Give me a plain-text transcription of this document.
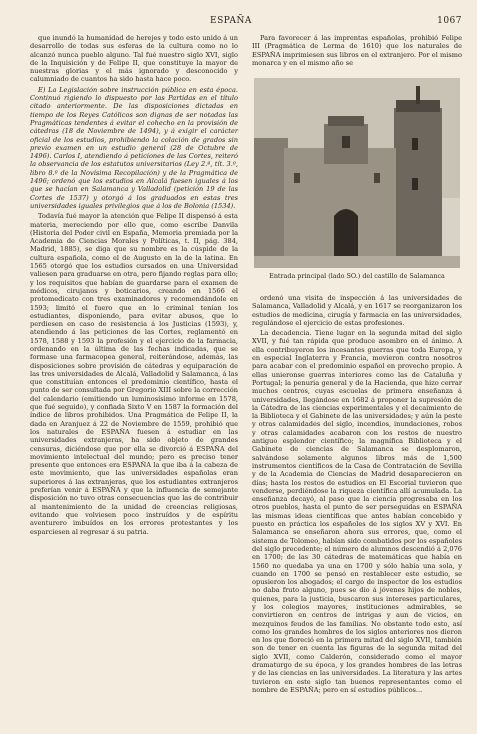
ESPAÑA	1067

que inundó la humanidad de herejes y todo esto unido á un desarrollo de todas sus esferas de la cultura como no lo alcanzó nunca pueblo alguno. Tal fué nuestro siglo XVI, siglo de la Inquisición y de Felipe II, que constituye la mayor de nuestras glorias y el más ignorado y desconocido y calumniado de cuantos ha sido hasta hace poco.

E) La Legislación sobre instrucción pública en esta época. Continuó rigiendo lo dispuesto por las Partidas en el título citado anteriormente. De las disposiciones dictadas en tiempo de los Reyes Católicos son dignas de ser notadas las Pragmáticas tendentes á evitar el cohecho en la provisión de cátedras (18 de Noviembre de 1494), y á exigir el carácter oficial de los estudios, prohibiendo la colación de grados sin previo examen en un estudio general (28 de Octubre de 1496). Carlos I, atendiendo á peticiones de las Cortes, reiteró la observancia de los estatutos universitarios (Ley 2.ª, tít. 3.º, libro 8.º de la Novísima Recopilación) y de la Pragmática de 1496; ordenó que los estudios en Alcalá fuesen iguales á los que se hacían en Salamanca y Valladolid (petición 19 de las Cortes de 1537) y otorgó á los graduados en estas tres universidades iguales privilegios que á los de Bolonia (1534).

Todavía fué mayor la atención que Felipe II dispensó á esta materia, mereciendo por ello que, como escribe Danvila (Historia del Poder civil en España, Memoria premiada por la Academia de Ciencias Morales y Políticas, t. II, pág. 384, Madrid, 1885), se diga que su nombre es la cúspide de la cultura española, como el de Augusto en la de la latina. En 1565 otorgó que los estudios cursados en una Universidad valiesen para graduarse en otra, pero fijando reglas para ello; y los requisitos que habían de guardarse para el examen de médicos, cirujanos y boticarios, creando en 1566 el protomedicato con tres examinadores y recomendándole en 1593; limitó el fuero que en lo criminal tenían los estudiantes, disponiendo, para evitar abusos, que lo perdiesen en caso de resistencia á los Justicias (1593), y, atendiendo á las peticiones de las Cortes, reglamentó en 1578, 1588 y 1593 la profesión y el ejercicio de la farmacia, ordenando en la última de las fechas indicadas, que se formase una farmacopea general, reiterándose, además, las disposiciones sobre provisión de cátedras y equiparación de las tres universidades de Alcalá, Valladolid y Salamanca, á las que constituían entonces el predominio científico, hasta el punto de ser consultada por Gregorio XIII sobre la corrección del calendario (emitiendo un luminosísimo informe en 1578, que fué seguido), y confiada Sixto V en 1587 la formación del índice de libros prohibidos. Una Pragmática de Felipe II, la dada en Aranjuez á 22 de Noviembre de 1559, prohibió que los naturales de ESPAÑA fuesen á estudiar en las universidades extranjeras, ha sido objeto de grandes censuras, diciéndose que por ella se divorció á ESPAÑA del movimiento intelectual del mundo; pero es preciso tener presente que entonces era ESPAÑA la que iba á la cabeza de este movimiento, que las universidades españolas eran superiores á las extranjeras, que los estudiantes extranjeros preferían venir á ESPAÑA y que la influencia de semejante disposición no tuvo otras consecuencias que las de contribuir al mantenimiento de la unidad de creencias religiosas, evitando que volviesen poco instruídos y de espíritu aventurero imbuídos en los errores protestantes y los esparciesen al regresar á su patria.

Para favorecer á las imprentas españolas, prohibió Felipe III (Pragmática de Lerma de 1610) que los naturales de ESPAÑA imprimiesen sus libros en el extranjero. Por el mismo monarca y en el mismo año se

Entrada principal (lado SO.) del castillo de Salamanca

ordenó una visita de inspección á las universidades de Salamanca, Valladolid y Alcalá, y en 1617 se reorganizaron los estudios de medicina, cirugía y farmacia en las universidades, regulándose el ejercicio de estas profesiones.

La decadencia. Tiene lugar en la segunda mitad del siglo XVII, y fué tan rápida que produce asombro en el ánimo. A ella contribuyeron los incesantes guerras que toda Europa, y en especial Inglaterra y Francia, movieron contra nosotros para acabar con el predominio español en provecho propio. A ellas unieronse guerras interiores como las de Cataluña y Portugal; la penuria general y de la Hacienda, que hizo cerrar muchos centros, cuyas escuelas de primera enseñanza á universidades, llegándose en 1682 á proponer la supresión de la Cátedra de las ciencias experimentales y el decaimiento de la Biblioteca y el Gabinete de las universidades; y aún la peste y otras calamidades del siglo, incendios, inundaciones, robos y otras calamidades acabaron con los restos de nuestro antiguo esplendor científico; la magnífica Biblioteca y el Gabinete de ciencias de Salamanca se desplomaron, salvándose solamente algunos libros más de 1,500 instrumentos científicos de la Casa de Contratación de Sevilla y de la Academia de Ciencias de Madrid desaparecieron en días; hasta los restos de estudios en El Escorial tuvieron que venderse, perdiéndose la riqueza científica allí acumulada. La enseñanza decayó, al paso que la ciencia progresaba en los otros pueblos, hasta el punto de ser perseguidas en ESPAÑA las mismas ideas científicas que antes habían concebido y puesto en práctica los españoles de los siglos XV y XVI. En Salamanca se enseñaron ahora sus errores, que, como el sistema de Tolomeo, habían sido combatidos por los españoles del siglo precedente; el número de alumnos descendió á 2,076 en 1700; de las 30 cátedras de matemáticas que había en 1560 no quedaba ya una en 1700 y sólo había una sola, y cuando en 1700 se pensó en restablecer este estudio, se opusieron los abogados; el cargo de inspector de los estudios no daba fruto alguno, pues se dio á jóvenes hijos de nobles, quienes, para la justicia, buscaron sus intereses particulares, y los colegios mayores, instituciones admirables, se convirtieron en centros de intrigas y aun de vicios, en mezquinos feudos de las familias. No obstante todo esto, así como los grandes hombres de los siglos anteriores nos dieron en los que floreció en la primera mitad del siglo XVII, también son de tener en cuenta las figuras de la segunda mitad del siglo XVII, como Calderón, considerado como el mayor dramaturgo de su época, y los grandes hombres de las letras y de las ciencias en las universidades. La literatura y las artes tuvieron en este siglo tan buenos representantes como el nombre de ESPAÑA; pero en sí estudios públicos...
